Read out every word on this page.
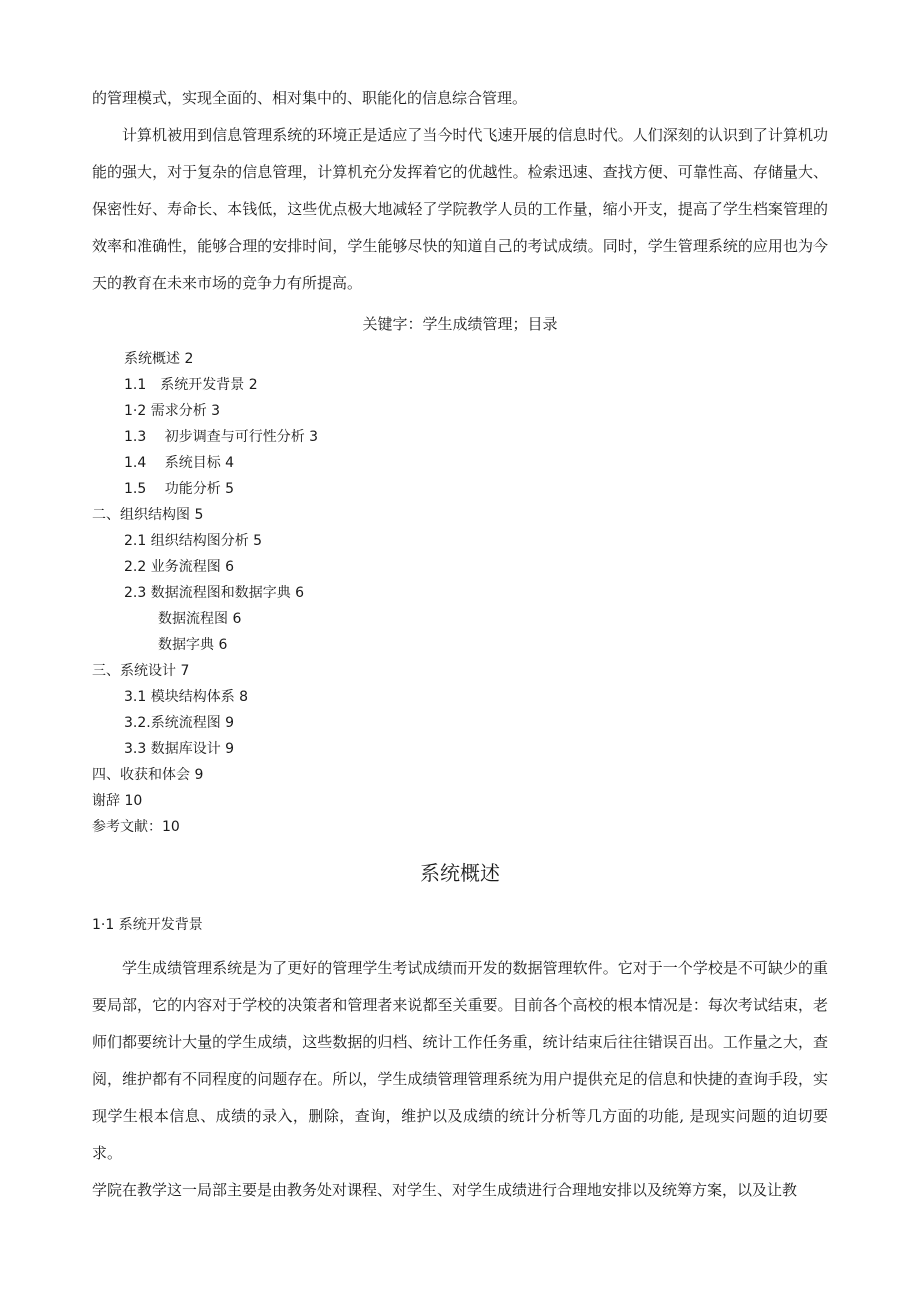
的管理模式，实现全面的、相对集中的、职能化的信息综合管理。

计算机被用到信息管理系统的环境正是适应了当今时代飞速开展的信息时代。人们深刻的认识到了计算机功能的强大，对于复杂的信息管理，计算机充分发挥着它的优越性。检索迅速、查找方便、可靠性高、存储量大、保密性好、寿命长、本钱低，这些优点极大地减轻了学院教学人员的工作量，缩小开支，提高了学生档案管理的效率和准确性，能够合理的安排时间，学生能够尽快的知道自己的考试成绩。同时，学生管理系统的应用也为今天的教育在未来市场的竞争力有所提高。

关键字：学生成绩管理；目录
系统概述 2
1.1　系统开发背景 2
1·2 需求分析 3
1.3　 初步调查与可行性分析 3
1.4　 系统目标 4
1.5　 功能分析 5
二、组织结构图 5
2.1 组织结构图分析 5
2.2 业务流程图 6
2.3 数据流程图和数据字典 6
数据流程图 6
数据字典 6
三、系统设计 7
3.1 模块结构体系 8
3.2.系统流程图 9
3.3 数据库设计 9
四、收获和体会 9
谢辞 10
参考文献：10
系统概述
1·1 系统开发背景

学生成绩管理系统是为了更好的管理学生考试成绩而开发的数据管理软件。它对于一个学校是不可缺少的重要局部，它的内容对于学校的决策者和管理者来说都至关重要。目前各个高校的根本情况是：每次考试结束，老师们都要统计大量的学生成绩，这些数据的归档、统计工作任务重，统计结束后往往错误百出。工作量之大，查阅，维护都有不同程度的问题存在。所以，学生成绩管理管理系统为用户提供充足的信息和快捷的查询手段，实现学生根本信息、成绩的录入，删除，查询，维护以及成绩的统计分析等几方面的功能, 是现实问题的迫切要求。

学院在教学这一局部主要是由教务处对课程、对学生、对学生成绩进行合理地安排以及统筹方案，以及让教
